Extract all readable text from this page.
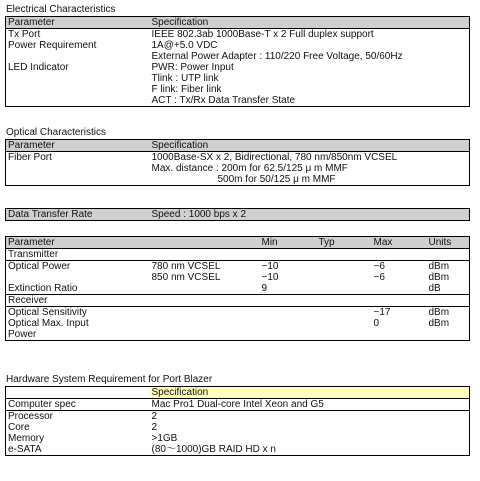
Electrical Characteristics
Parameter	Specification
Tx Port	IEEE 802.3ab 1000Base-T x 2 Full duplex support
Power Requirement	1A@+5.0 VDC
	External Power Adapter : 110/220 Free Voltage, 50/60Hz
LED Indicator	PWR: Power Input
	Tlink : UTP link
	F link: Fiber link
	ACT : Tx/Rx Data Transfer State
Optical Characteristics
Parameter	Specification
Fiber Port	1000Base-SX x 2, Bidirectional, 780 nm/850nm VCSEL
	Max. distance : 200m for 62.5/125 μ m MMF
	500m for 50/125 μ m MMF
Data Transfer Rate	Speed : 1000 bps x 2
Parameter		Min	Typ	Max	Units
Transmitter					
Optical Power	780 nm VCSEL	−10		−6	dBm
	850 nm VCSEL	−10		−6	dBm
Extinction Ratio		9			dB
Receiver					
Optical Sensitivity				−17	dBm
Optical Max. Input				0	dBm
Power					
Hardware System Requirement for Port Blazer
	Specification
Computer spec	Mac Pro1 Dual-core Intel Xeon and G5
Processor	2
Core	2
Memory	>1GB
e-SATA	(80〜1000)GB RAID HD x n
